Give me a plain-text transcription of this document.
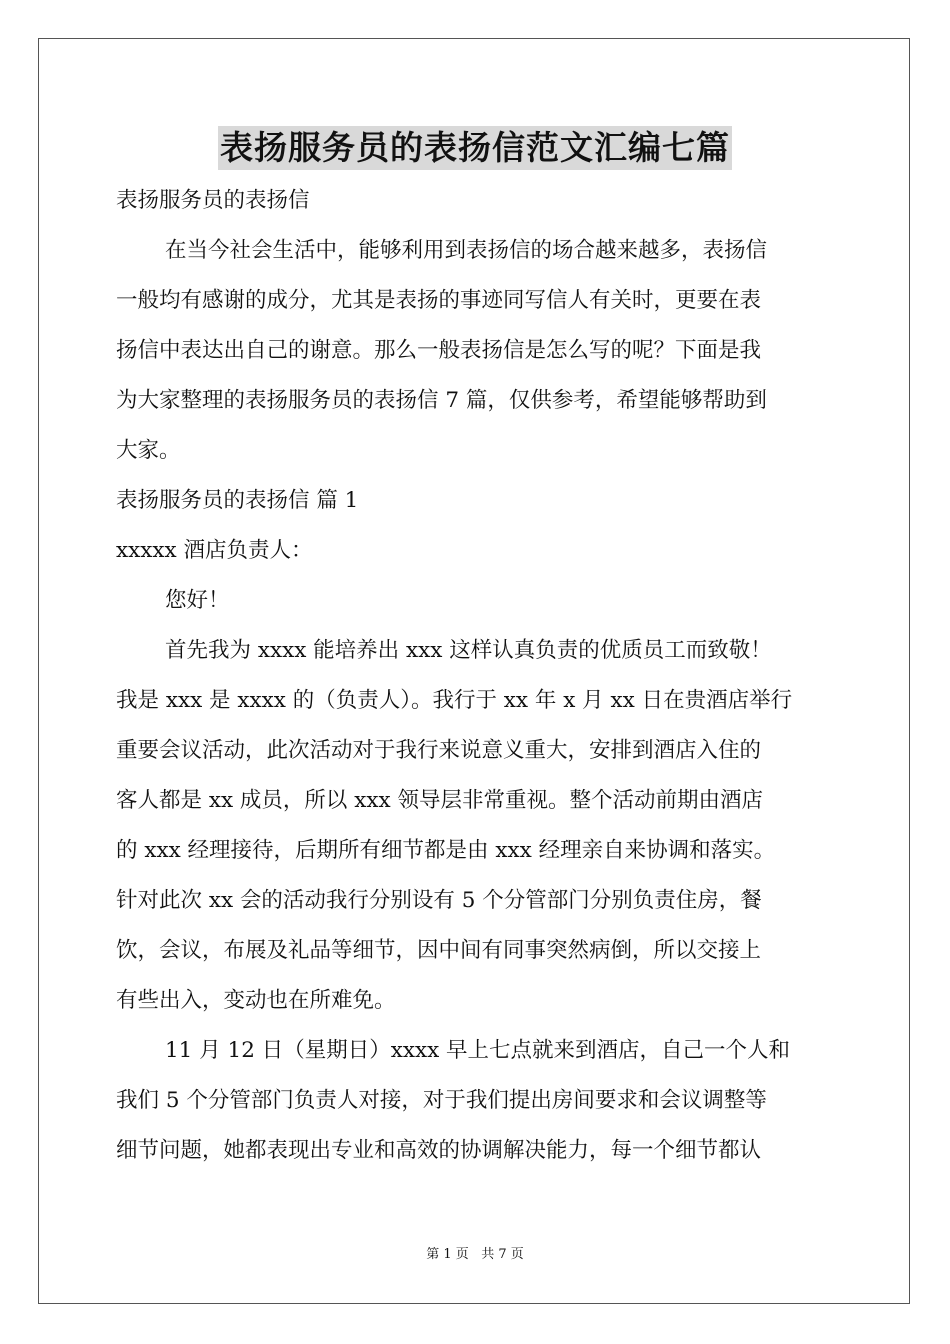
表扬服务员的表扬信范文汇编七篇
表扬服务员的表扬信
在当今社会生活中，能够利用到表扬信的场合越来越多，表扬信
一般均有感谢的成分，尤其是表扬的事迹同写信人有关时，更要在表
扬信中表达出自己的谢意。那么一般表扬信是怎么写的呢？下面是我
为大家整理的表扬服务员的表扬信 7 篇，仅供参考，希望能够帮助到
大家。
表扬服务员的表扬信 篇 1
xxxxx 酒店负责人：
您好！
首先我为 xxxx 能培养出 xxx 这样认真负责的优质员工而致敬！
我是 xxx 是 xxxx 的（负责人）。我行于 xx 年 x 月 xx 日在贵酒店举行
重要会议活动，此次活动对于我行来说意义重大，安排到酒店入住的
客人都是 xx 成员，所以 xxx 领导层非常重视。整个活动前期由酒店
的 xxx 经理接待，后期所有细节都是由 xxx 经理亲自来协调和落实。
针对此次 xx 会的活动我行分别设有 5 个分管部门分别负责住房，餐
饮，会议，布展及礼品等细节，因中间有同事突然病倒，所以交接上
有些出入，变动也在所难免。
11 月 12 日（星期日）xxxx 早上七点就来到酒店，自己一个人和
我们 5 个分管部门负责人对接，对于我们提出房间要求和会议调整等
细节问题，她都表现出专业和高效的协调解决能力，每一个细节都认
第 1 页   共 7 页
